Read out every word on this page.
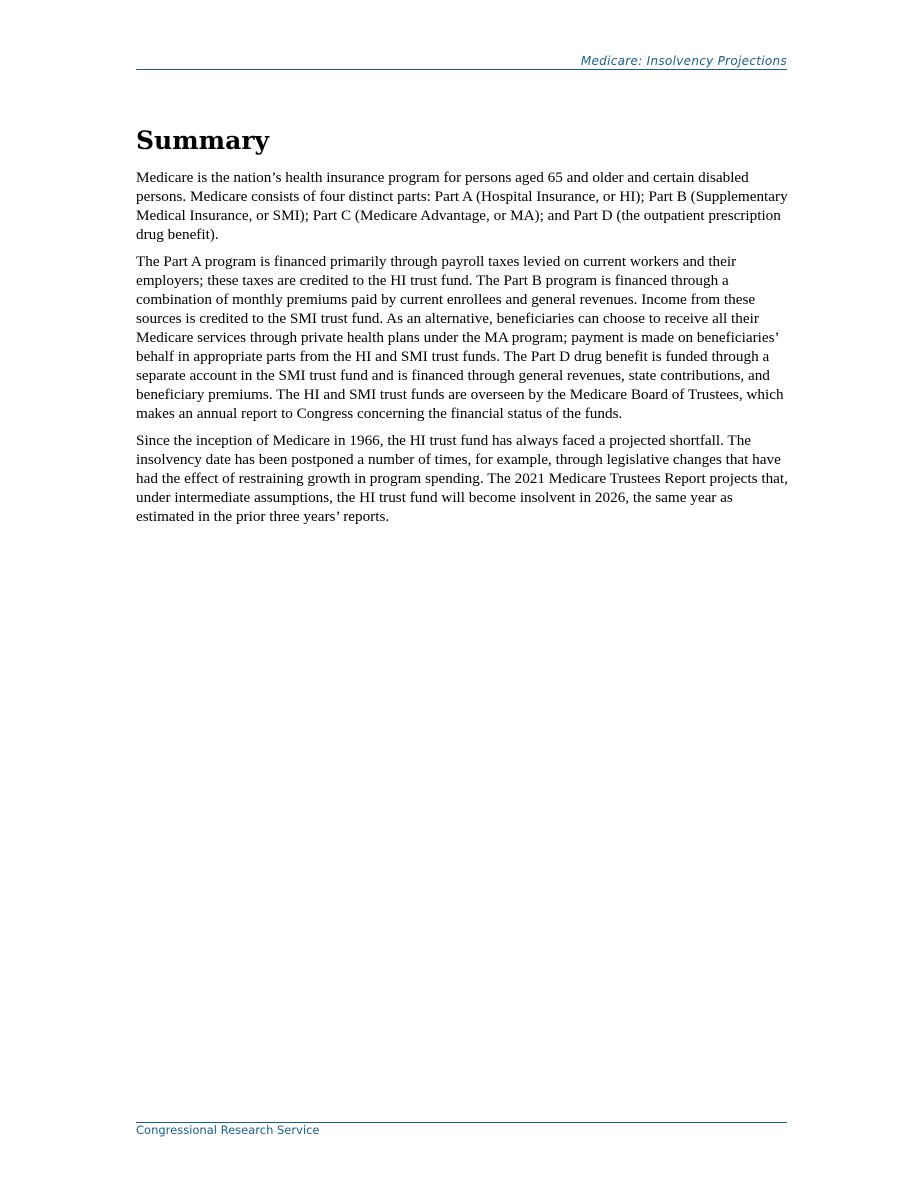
Medicare: Insolvency Projections
Summary

Medicare is the nation’s health insurance program for persons aged 65 and older and certain disabled persons. Medicare consists of four distinct parts: Part A (Hospital Insurance, or HI); Part B (Supplementary Medical Insurance, or SMI); Part C (Medicare Advantage, or MA); and Part D (the outpatient prescription drug benefit).

The Part A program is financed primarily through payroll taxes levied on current workers and their employers; these taxes are credited to the HI trust fund. The Part B program is financed through a combination of monthly premiums paid by current enrollees and general revenues. Income from these sources is credited to the SMI trust fund. As an alternative, beneficiaries can choose to receive all their Medicare services through private health plans under the MA program; payment is made on beneficiaries’ behalf in appropriate parts from the HI and SMI trust funds. The Part D drug benefit is funded through a separate account in the SMI trust fund and is financed through general revenues, state contributions, and beneficiary premiums. The HI and SMI trust funds are overseen by the Medicare Board of Trustees, which makes an annual report to Congress concerning the financial status of the funds.

Since the inception of Medicare in 1966, the HI trust fund has always faced a projected shortfall. The insolvency date has been postponed a number of times, for example, through legislative changes that have had the effect of restraining growth in program spending. The 2021 Medicare Trustees Report projects that, under intermediate assumptions, the HI trust fund will become insolvent in 2026, the same year as estimated in the prior three years’ reports.

Congressional Research Service
